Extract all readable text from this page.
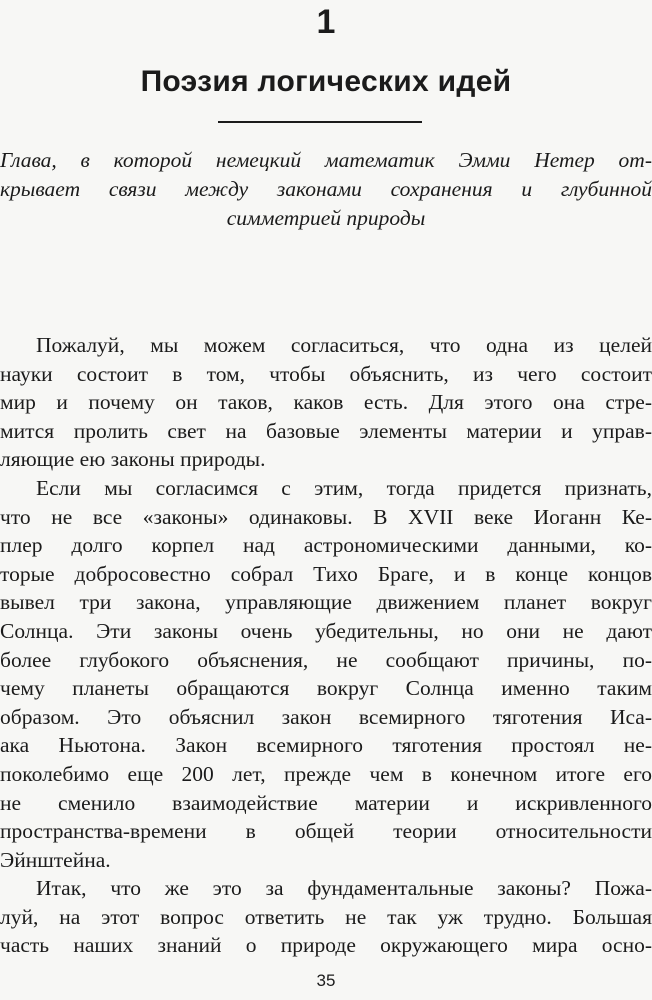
1
Поэзия логических идей
Глава, в которой немецкий математик Эмми Нетер от-
крывает связи между законами сохранения и глубинной
симметрией природы
Пожалуй, мы можем согласиться, что одна из целей
науки состоит в том, чтобы объяснить, из чего состоит
мир и почему он таков, каков есть. Для этого она стре-
мится пролить свет на базовые элементы материи и управ-
ляющие ею законы природы.
Если мы согласимся с этим, тогда придется признать,
что не все «законы» одинаковы. В XVII веке Иоганн Ке-
плер долго корпел над астрономическими данными, ко-
торые добросовестно собрал Тихо Браге, и в конце концов
вывел три закона, управляющие движением планет вокруг
Солнца. Эти законы очень убедительны, но они не дают
более глубокого объяснения, не сообщают причины, по-
чему планеты обращаются вокруг Солнца именно таким
образом. Это объяснил закон всемирного тяготения Иса-
ака Ньютона. Закон всемирного тяготения простоял не-
поколебимо еще 200 лет, прежде чем в конечном итоге его
не сменило взаимодействие материи и искривленного
пространства-времени в общей теории относительности
Эйнштейна.
Итак, что же это за фундаментальные законы? Пожа-
луй, на этот вопрос ответить не так уж трудно. Большая
часть наших знаний о природе окружающего мира осно-
35
